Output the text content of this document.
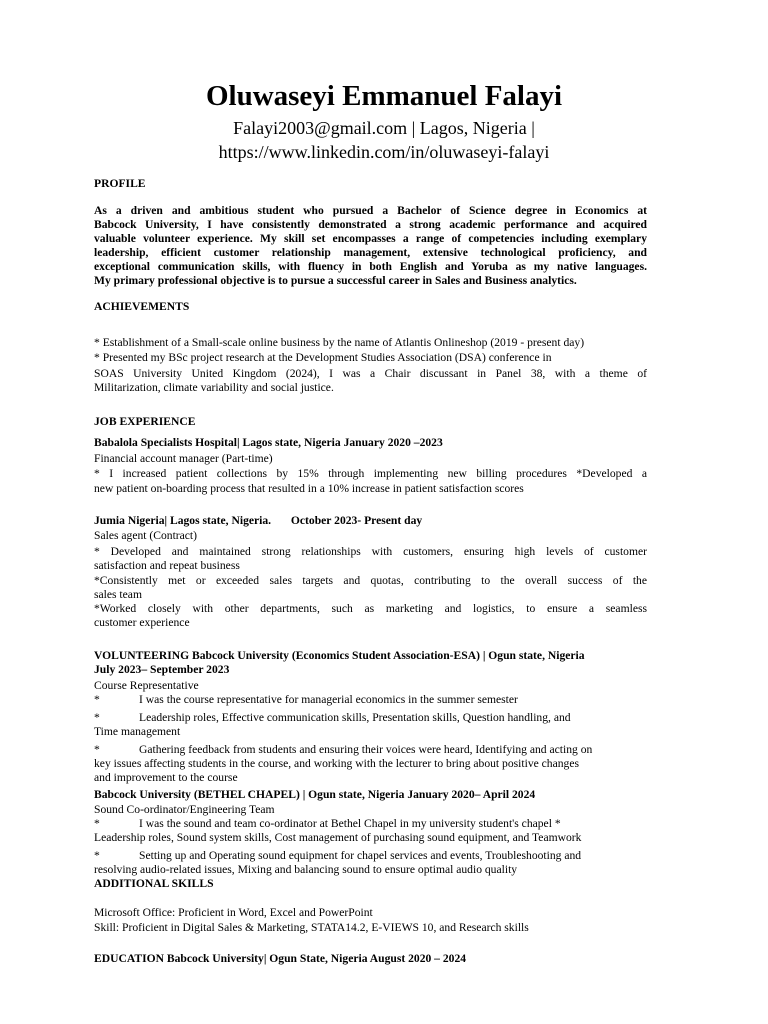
Oluwaseyi Emmanuel Falayi
Falayi2003@gmail.com | Lagos, Nigeria |
https://www.linkedin.com/in/oluwaseyi-falayi
PROFILE
As a driven and ambitious student who pursued a Bachelor of Science degree in Economics at
Babcock University, I have consistently demonstrated a strong academic performance and acquired
valuable volunteer experience. My skill set encompasses a range of competencies including exemplary
leadership, efficient customer relationship management, extensive technological proficiency, and
exceptional communication skills, with fluency in both English and Yoruba as my native languages.
My primary professional objective is to pursue a successful career in Sales and Business analytics.
ACHIEVEMENTS
* Establishment of a Small-scale online business by the name of Atlantis Onlineshop (2019 - present day)
* Presented my BSc project research at the Development Studies Association (DSA) conference in
SOAS University United Kingdom (2024), I was a Chair discussant in Panel 38, with a theme of
Militarization, climate variability and social justice.
JOB EXPERIENCE
Babalola Specialists Hospital| Lagos state, Nigeria January 2020 –2023
Financial account manager (Part-time)
* I increased patient collections by 15% through implementing new billing procedures *Developed a
new patient on-boarding process that resulted in a 10% increase in patient satisfaction scores
Jumia Nigeria| Lagos state, Nigeria. October 2023- Present day
Sales agent (Contract)
* Developed and maintained strong relationships with customers, ensuring high levels of customer
satisfaction and repeat business
*Consistently met or exceeded sales targets and quotas, contributing to the overall success of the
sales team
*Worked closely with other departments, such as marketing and logistics, to ensure a seamless
customer experience
VOLUNTEERING Babcock University (Economics Student Association-ESA) | Ogun state, Nigeria
July 2023– September 2023
Course Representative
*	I was the course representative for managerial economics in the summer semester
*	Leadership roles, Effective communication skills, Presentation skills, Question handling, and
Time management
*	Gathering feedback from students and ensuring their voices were heard, Identifying and acting on
key issues affecting students in the course, and working with the lecturer to bring about positive changes
and improvement to the course
Babcock University (BETHEL CHAPEL) | Ogun state, Nigeria January 2020– April 2024
Sound Co-ordinator/Engineering Team
*	I was the sound and team co-ordinator at Bethel Chapel in my university student's chapel *
Leadership roles, Sound system skills, Cost management of purchasing sound equipment, and Teamwork
*	Setting up and Operating sound equipment for chapel services and events, Troubleshooting and
resolving audio-related issues, Mixing and balancing sound to ensure optimal audio quality
ADDITIONAL SKILLS
Microsoft Office: Proficient in Word, Excel and PowerPoint
Skill: Proficient in Digital Sales & Marketing, STATA14.2, E-VIEWS 10, and Research skills
EDUCATION Babcock University| Ogun State, Nigeria August 2020 – 2024
